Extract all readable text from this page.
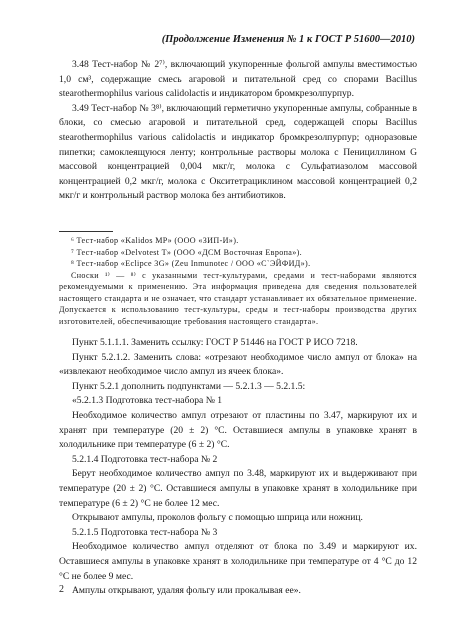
(Продолжение Изменения № 1 к ГОСТ Р 51600—2010)

3.48 Тест-набор № 2⁷⁾, включающий укупоренные фольгой ампулы вместимостью 1,0 см³, содержащие смесь агаровой и питательной сред со спорами Bacillus stearothermophilus various calidolactis и индикатором бромкрезолпурпур.

3.49 Тест-набор № 3⁸⁾, включающий герметично укупоренные ампулы, собранные в блоки, со смесью агаровой и питательной сред, содержащей споры Bacillus stearothermophilus various calidolactis и индикатор бромкрезолпурпур; одноразовые пипетки; самоклеящуюся ленту; контрольные растворы молока с Пенициллином G массовой концентрацией 0,004 мкг/г, молока с Сульфатиазолом массовой концентрацией 0,2 мкг/г, молока с Окситетрациклином массовой концентрацией 0,2 мкг/г и контрольный раствор молока без антибиотиков.

⁶ Тест-набор «Kalidos MP» (ООО «ЗИП-И»).

⁷ Тест-набор «Delvotest T» (ООО «ДСМ Восточная Европа»).

⁸ Тест-набор «Eclipce 3G» (Zeu Inmunotec / ООО «С`ЭЙФИД»).

Сноски ¹⁾ — ⁸⁾ с указанными тест-культурами, средами и тест-наборами являются рекомендуемыми к применению. Эта информация приведена для сведения пользователей настоящего стандарта и не означает, что стандарт устанавливает их обязательное применение. Допускается к использованию тест-культуры, среды и тест-наборы производства других изготовителей, обеспечивающие требования настоящего стандарта».

Пункт 5.1.1.1. Заменить ссылку: ГОСТ Р 51446 на ГОСТ Р ИСО 7218.

Пункт 5.2.1.2. Заменить слова: «отрезают необходимое число ампул от блока» на «извлекают необходимое число ампул из ячеек блока».

Пункт 5.2.1 дополнить подпунктами — 5.2.1.3 — 5.2.1.5:

«5.2.1.3 Подготовка тест-набора № 1

Необходимое количество ампул отрезают от пластины по 3.47, маркируют их и хранят при температуре (20 ± 2) °С. Оставшиеся ампулы в упаковке хранят в холодильнике при температуре (6 ± 2) °С.

5.2.1.4 Подготовка тест-набора № 2

Берут необходимое количество ампул по 3.48, маркируют их и выдерживают при температуре (20 ± 2) °С. Оставшиеся ампулы в упаковке хранят в холодильнике при температуре (6 ± 2) °С не более 12 мес.

Открывают ампулы, проколов фольгу с помощью шприца или ножниц.

5.2.1.5 Подготовка тест-набора № 3

Необходимое количество ампул отделяют от блока по 3.49 и маркируют их. Оставшиеся ампулы в упаковке хранят в холодильнике при температуре от 4 °С до 12 °С не более 9 мес.

Ампулы открывают, удаляя фольгу или прокалывая ее».

2
